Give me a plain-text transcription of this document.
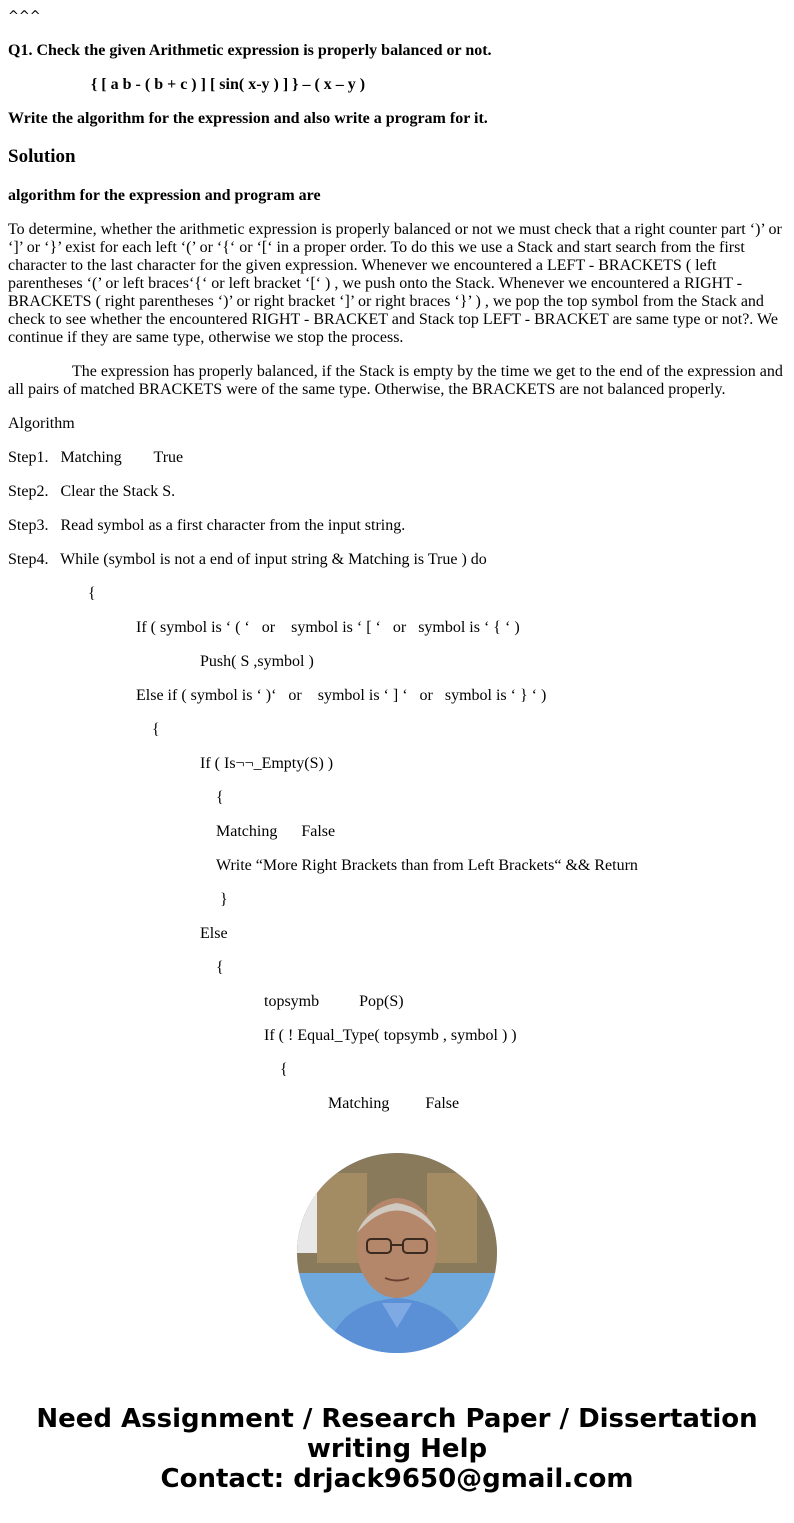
^^^
Q1. Check the given Arithmetic expression is properly balanced or not.
{ [ a b - ( b + c ) ] [ sin( x-y ) ] } – ( x – y )
Write the algorithm for the expression and also write a program for it.
Solution
algorithm for the expression and program are
To determine, whether the arithmetic expression is properly balanced or not we must check that a right counter part ‘)’ or ‘]’ or ‘}’ exist for each left ‘(’ or ‘{‘ or ‘[‘ in a proper order. To do this we use a Stack and start search from the first character to the last character for the given expression. Whenever we encountered a LEFT - BRACKETS ( left parentheses ‘(’ or left braces‘{‘ or left bracket ‘[‘ ) , we push onto the Stack. Whenever we encountered a RIGHT - BRACKETS ( right parentheses ‘)’ or right bracket ‘]’ or right braces ‘}’ ) , we pop the top symbol from the Stack and check to see whether the encountered RIGHT - BRACKET and Stack top LEFT - BRACKET are same type or not?. We continue if they are same type, otherwise we stop the process.
The expression has properly balanced, if the Stack is empty by the time we get to the end of the expression and all pairs of matched BRACKETS were of the same type. Otherwise, the BRACKETS are not balanced properly.
Algorithm
Step1.   Matching        True
Step2.   Clear the Stack S.
Step3.   Read symbol as a first character from the input string.
Step4.   While (symbol is not a end of input string & Matching is True ) do
{
If ( symbol is ‘ ( ‘   or    symbol is ‘ [ ‘   or   symbol is ‘ { ‘ )
Push( S ,symbol )
Else if ( symbol is ‘ )‘   or    symbol is ‘ ] ‘   or   symbol is ‘ } ‘ )
{
If ( Is¬¬_Empty(S) )
{
Matching      False
Write “More Right Brackets than from Left Brackets“ && Return
}
Else
{
topsymb          Pop(S)
If ( ! Equal_Type( topsymb , symbol ) )
{
Matching         False
Need Assignment / Research Paper / Dissertation
writing Help
Contact: drjack9650@gmail.com
